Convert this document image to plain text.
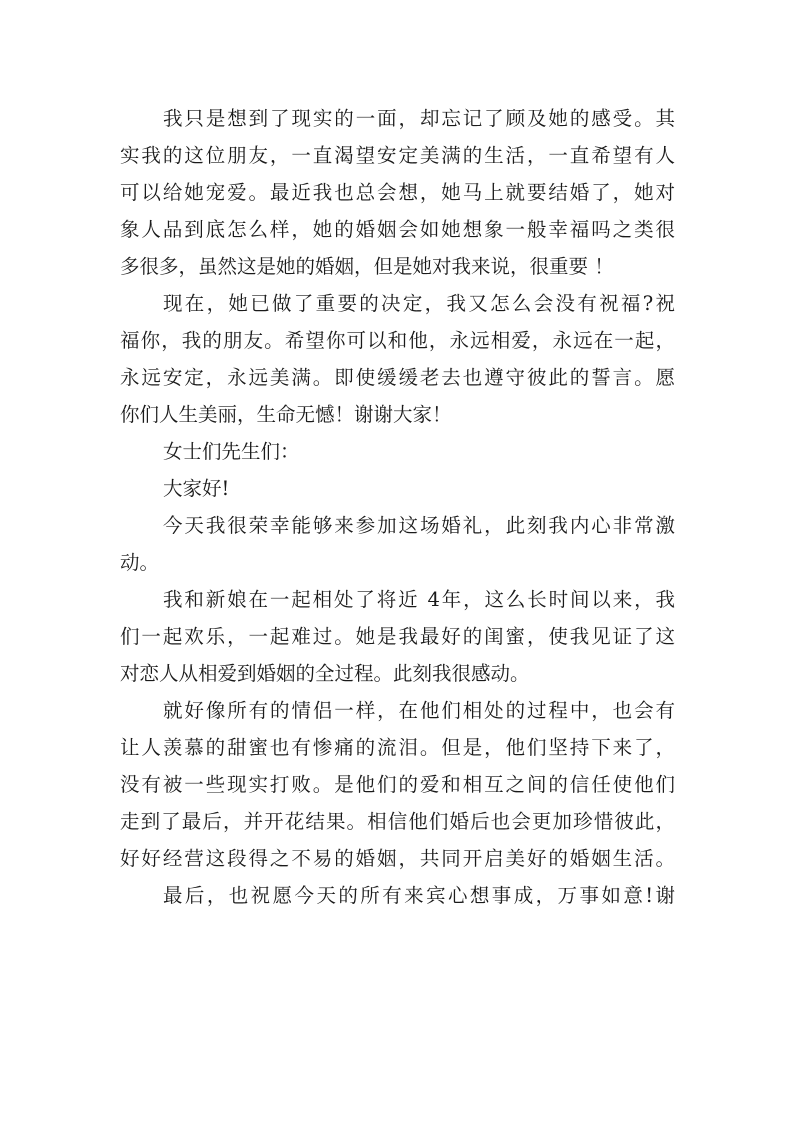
我只是想到了现实的一面，却忘记了顾及她的感受。其
实我的这位朋友，一直渴望安定美满的生活，一直希望有人
可以给她宠爱。最近我也总会想，她马上就要结婚了，她对
象人品到底怎么样，她的婚姻会如她想象一般幸福吗之类很
多很多，虽然这是她的婚姻，但是她对我来说，很重要 ！
现在，她已做了重要的决定，我又怎么会没有祝福?祝
福你，我的朋友。希望你可以和他，永远相爱，永远在一起，
永远安定，永远美满。即使缓缓老去也遵守彼此的誓言。愿
你们人生美丽，生命无憾！谢谢大家！
女士们先生们：
大家好!
今天我很荣幸能够来参加这场婚礼，此刻我内心非常激
动。
我和新娘在一起相处了将近 4年，这么长时间以来，我
们一起欢乐，一起难过。她是我最好的闺蜜，使我见证了这
对恋人从相爱到婚姻的全过程。此刻我很感动。
就好像所有的情侣一样，在他们相处的过程中，也会有
让人羡慕的甜蜜也有惨痛的流泪。但是，他们坚持下来了，
没有被一些现实打败。是他们的爱和相互之间的信任使他们
走到了最后，并开花结果。相信他们婚后也会更加珍惜彼此，
好好经营这段得之不易的婚姻，共同开启美好的婚姻生活。
最后，也祝愿今天的所有来宾心想事成，万事如意!谢
